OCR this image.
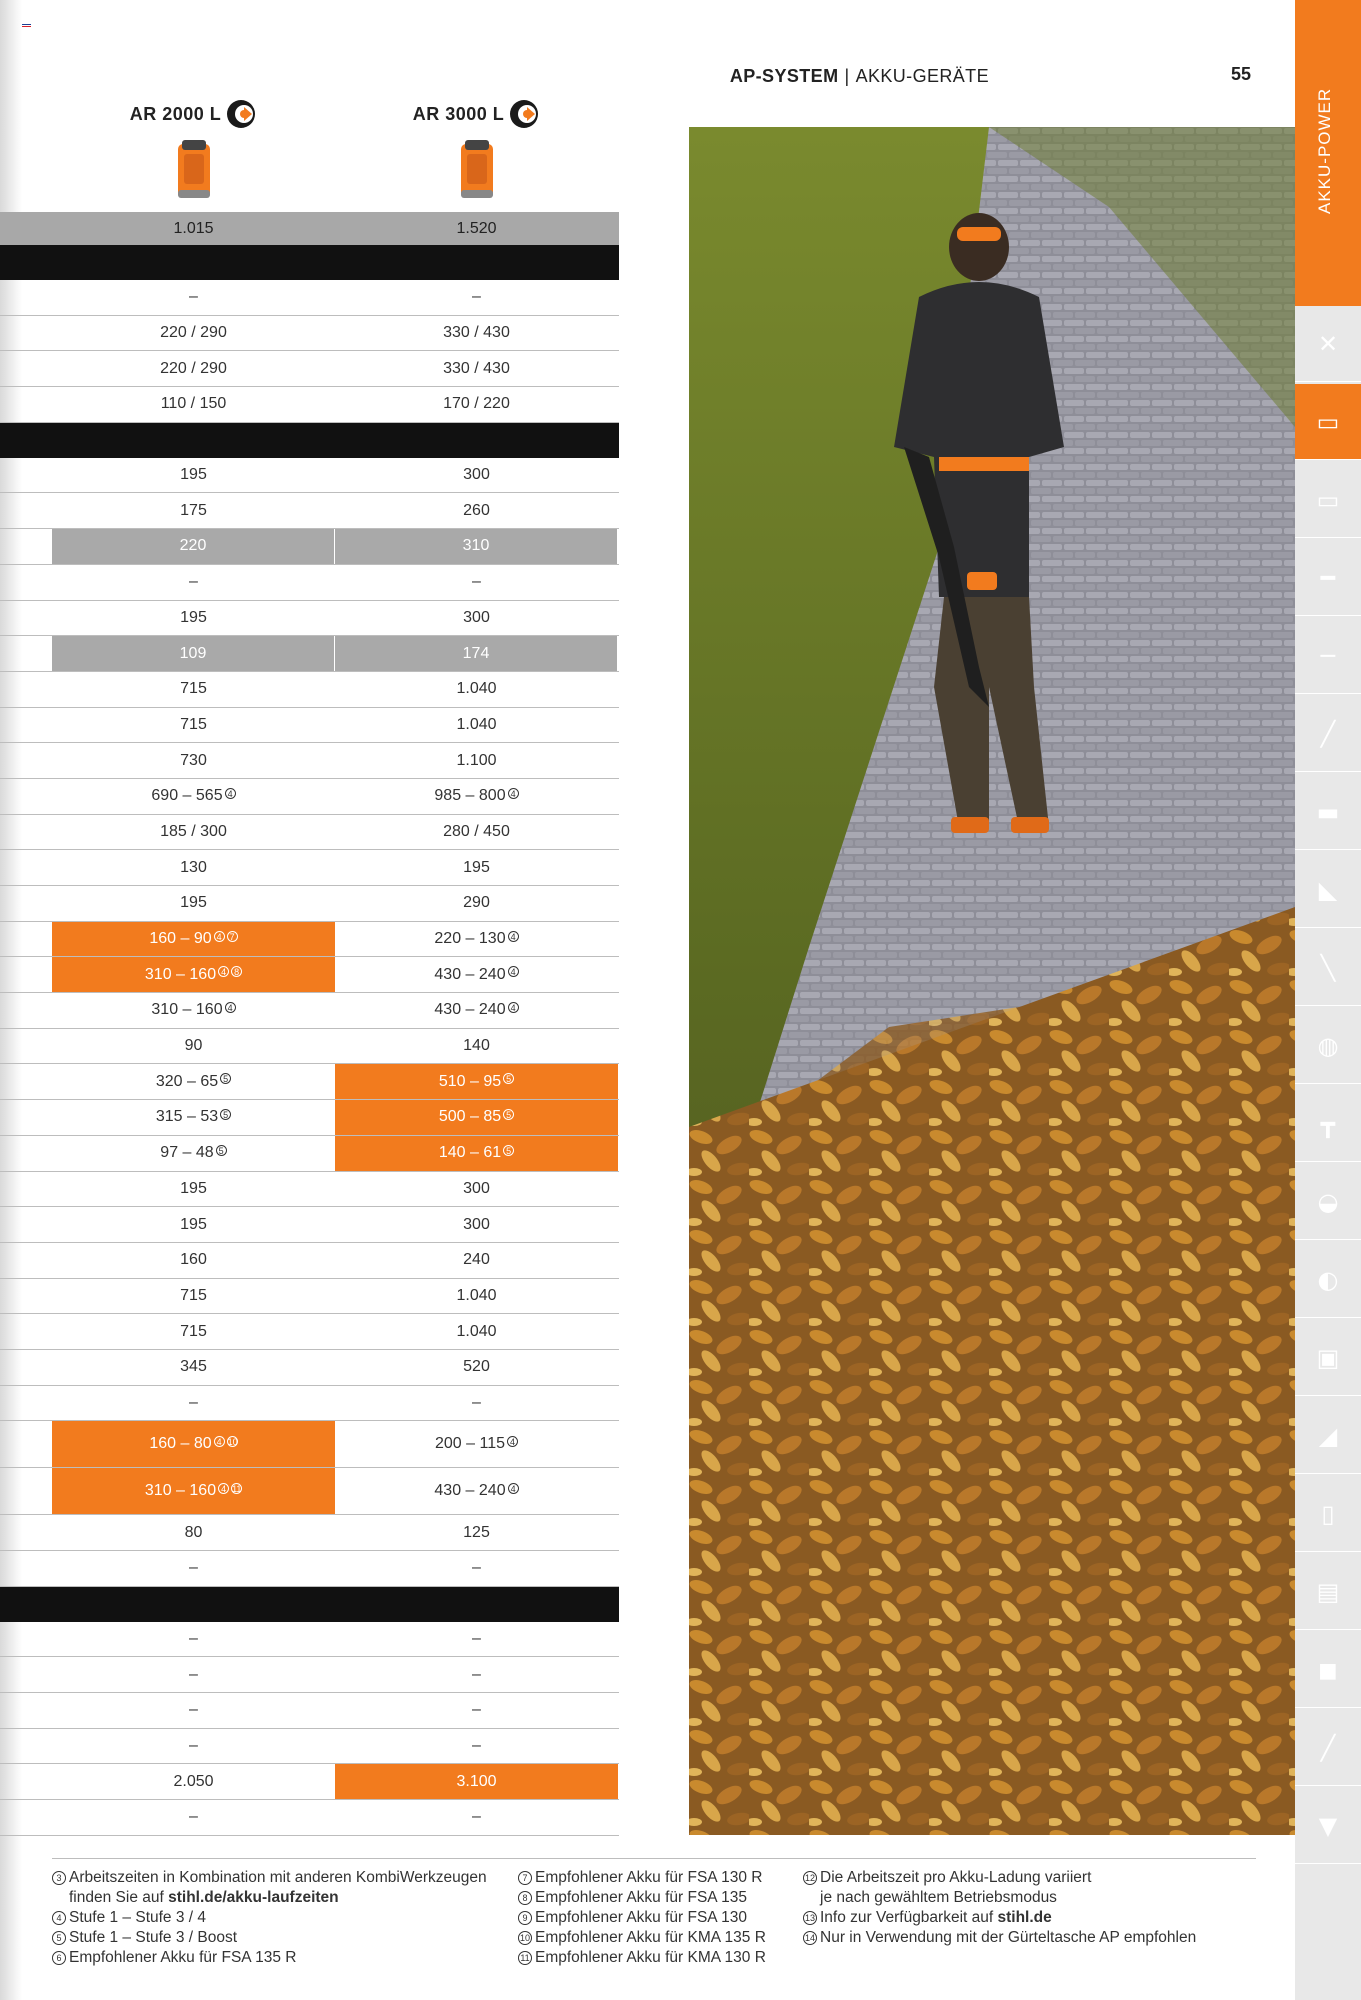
AP-SYSTEM | AKKU-GERÄTE	55
AR 2000 L	AR 3000 L
1.015	1.520
–	–
220 / 290	330 / 430
220 / 290	330 / 430
110 / 150	170 / 220
195	300
175	260
220	310
–	–
195	300
109	174
715	1.040
715	1.040
730	1.100
690 – 565 4	985 – 800 4
185 / 300	280 / 450
130	195
195	290
160 – 90 4 7	220 – 130 4
310 – 160 4 8	430 – 240 4
310 – 160 4	430 – 240 4
90	140
320 – 65 5	510 – 95 5
315 – 53 5	500 – 85 5
97 – 48 5	140 – 61 5
195	300
195	300
160	240
715	1.040
715	1.040
345	520
–	–
160 – 80 4 10	200 – 115 4
310 – 160 4 11	430 – 240 4
80	125
–	–
–	–
–	–
–	–
–	–
2.050	3.100
–	–
AKKU-POWER
✕
▭
▭
━
─
╱
▬
◣
╲
◍
┳
◒
◐
▣
◢
▯
▤
◼
╱
▼
3 Arbeitszeiten in Kombination mit anderen KombiWerkzeugen
finden Sie auf stihl.de/akku-laufzeiten
4 Stufe 1 – Stufe 3 / 4
5 Stufe 1 – Stufe 3 / Boost
6 Empfohlener Akku für FSA 135 R
7 Empfohlener Akku für FSA 130 R
8 Empfohlener Akku für FSA 135
9 Empfohlener Akku für FSA 130
10 Empfohlener Akku für KMA 135 R
11 Empfohlener Akku für KMA 130 R
12 Die Arbeitszeit pro Akku-Ladung variiert
je nach gewähltem Betriebsmodus
13 Info zur Verfügbarkeit auf stihl.de
14 Nur in Verwendung mit der Gürteltasche AP empfohlen
